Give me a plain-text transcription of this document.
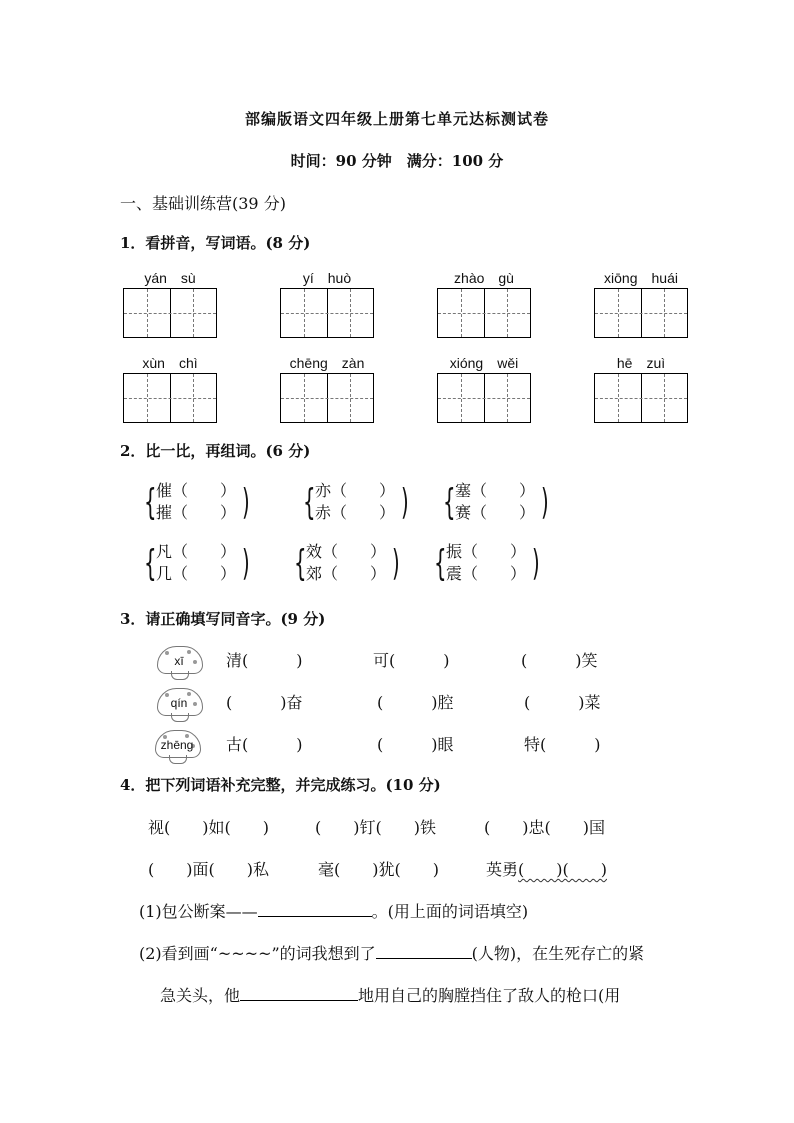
部编版语文四年级上册第七单元达标测试卷
时间：90 分钟　满分：100 分
一、基础训练营(39 分)
1．看拼音，写词语。(8 分)
yán　sù	yí　huò	zhào　gù	xiōng　huái
xùn　chì	chēng　zàn	xióng　wěi	hē　zuì
2．比一比，再组词。(6 分)
{ 催（　　）
摧（　　） ) { 亦（　　）
赤（　　） ) { 塞（　　）
赛（　　） )
{ 凡（　　）
几（　　） ) { 效（　　）
郊（　　） ) { 振（　　）
震（　　） )
3．请正确填写同音字。(9 分)
xī	清(　　　)	可(　　　)	(　　　)笑
qín	(　　　)奋	(　　　)腔	(　　　)菜
zhēng	古(　　　)	(　　　)眼	特(　　　)
4．把下列词语补充完整，并完成练习。(10 分)
视(　　)如(　　)	(　　)钉(　　)铁	(　　)忠(　　)国
(　　)面(　　)私	毫(　　)犹(　　)	英勇(　　)(　　)
(1)包公断案——	。(用上面的词语填空)
(2)看到画“~~~~”的词我想到了	(人物)，在生死存亡的紧
急关头，他	地用自己的胸膛挡住了敌人的枪口(用
